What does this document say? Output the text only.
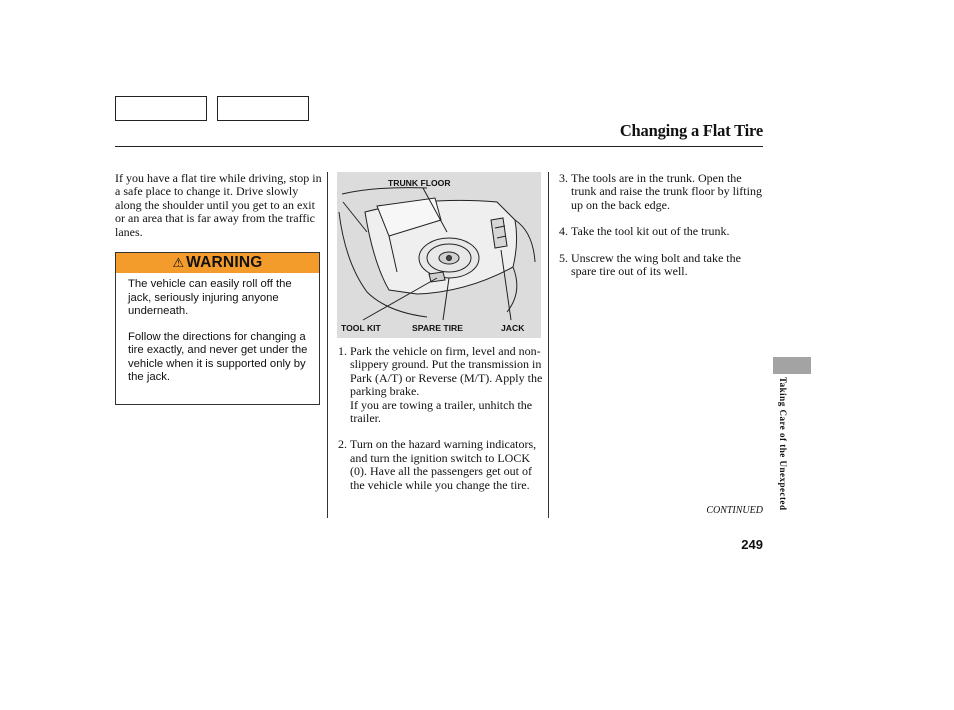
Changing a Flat Tire

If you have a flat tire while driving, stop in a safe place to change it. Drive slowly along the shoulder until you get to an exit or an area that is far away from the traffic lanes.

⚠ WARNING

The vehicle can easily roll off the jack, seriously injuring anyone underneath.

Follow the directions for changing a tire exactly, and never get under the vehicle when it is supported only by the jack.

TRUNK FLOOR
TOOL KIT	SPARE TIRE	JACK
1. Park the vehicle on firm, level and non-slippery ground. Put the transmission in Park (A/T) or Reverse (M/T). Apply the parking brake.
If you are towing a trailer, unhitch the trailer.
2. Turn on the hazard warning indicators, and turn the ignition switch to LOCK (0). Have all the passengers get out of the vehicle while you change the tire.
3. The tools are in the trunk. Open the trunk and raise the trunk floor by lifting up on the back edge.
4. Take the tool kit out of the trunk.
5. Unscrew the wing bolt and take the spare tire out of its well.
CONTINUED
249
Taking Care of the Unexpected
